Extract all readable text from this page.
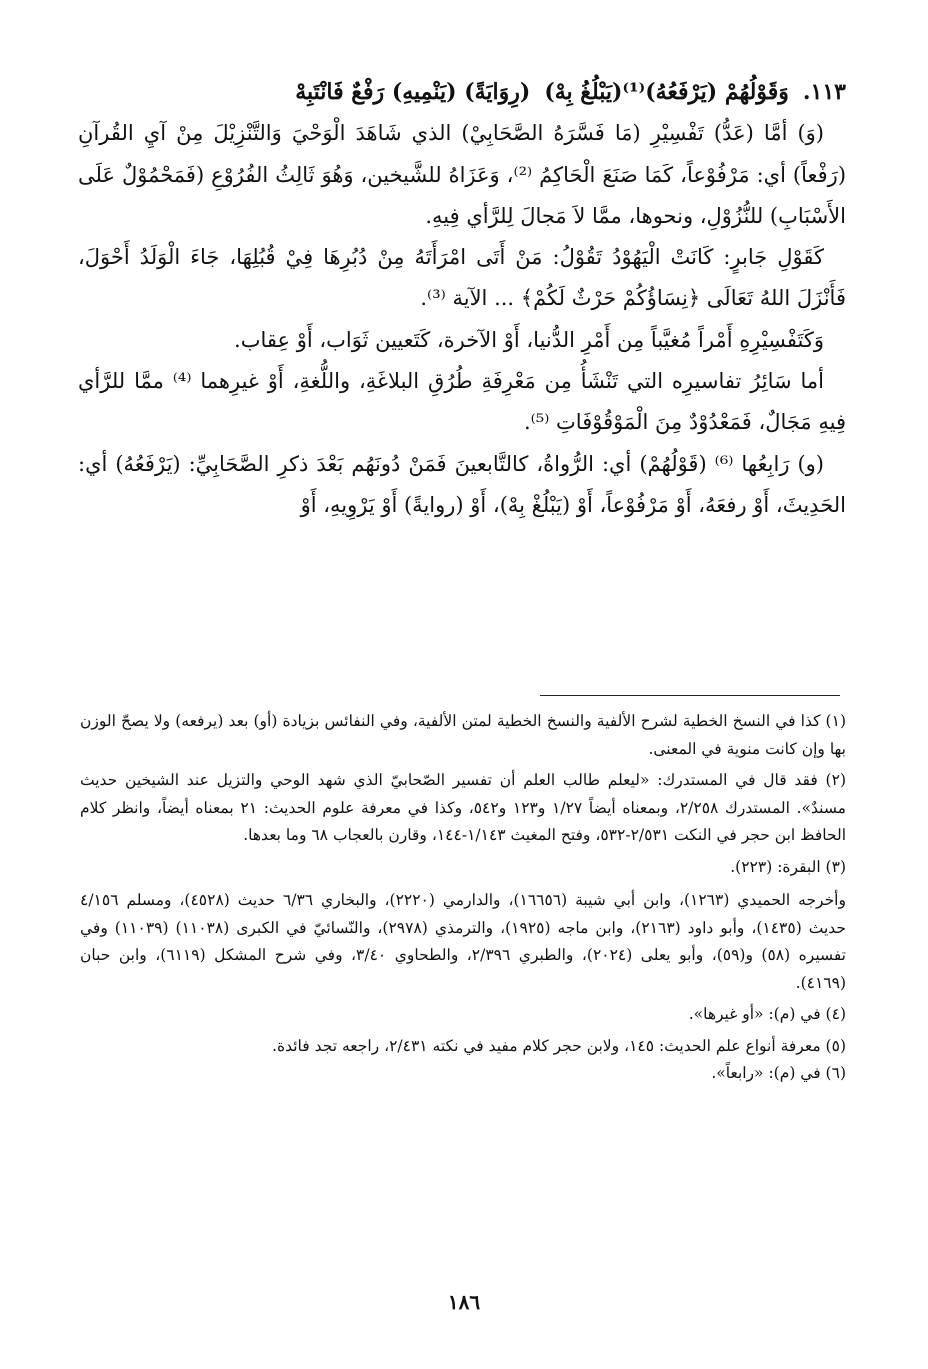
١١٣.وَقَوْلُهُمْ (يَرْفَعُهُ)⁽¹⁾(يَبْلُغُ بِهْ)(رِوَايَةً) (يَنْمِيهِ) رَفْعٌ فَانْتَبِهْ

(وَ) أمَّا (عَدُّ) تَفْسِيْرِ (مَا فَسَّرَهُ الصَّحَابِيْ) الذي شَاهَدَ الْوَحْيَ وَالتَّنْزِيْلَ مِنْ آيِ القُرآنِ (رَفْعاً) أي: مَرْفُوْعاً، كَمَا صَنَعَ الْحَاكِمُ ⁽²⁾، وَعَزَاهُ للشَّيخين، وَهُوَ ثَالِثُ الفُرُوْعِ (فَمَحْمُوْلٌ عَلَى الأَسْبَابِ) للنُّزُوْلِ، ونحوها، ممَّا لاَ مَجالَ لِلرَّأي فِيهِ.

كَقَوْلِ جَابرٍ: كَانَتْ الْيَهُوْدُ تَقُوْلُ: مَنْ أَتَى امْرَأَتَهُ مِنْ دُبُرِهَا فِيْ قُبُلِهَا، جَاءَ الْوَلَدُ أَحْوَلَ، فَأَنْزَلَ اللهُ تَعَالَى ﴿نِسَاؤُكُمْ حَرْثٌ لَكُمْ﴾ ... الآية ⁽³⁾.

وَكَتَفْسِيْرِهِ أَمْراً مُغيَّباً مِن أَمْرِ الدُّنيا، أَوْ الآخرة، كَتَعيين ثَوَاب، أَوْ عِقاب.

أما سَائِرُ تفاسيرِه التي تَنْشَأُ مِن مَعْرِفَةِ طُرُقِ البلاغَةِ، واللُّغةِ، أَوْ غيرِهما ⁽⁴⁾ ممَّا للرَّأي فِيهِ مَجَالٌ، فَمَعْدُوْدٌ مِنَ الْمَوْقُوْفَاتِ ⁽⁵⁾.

(و) رَابِعُها ⁽⁶⁾ (قَوْلُهُمْ) أي: الرُّواةُ، كالتَّابعينَ فَمَنْ دُونَهُم بَعْدَ ذكرِ الصَّحَابِيِّ: (يَرْفَعُهُ) أي: الحَدِيثَ، أَوْ رفعَهُ، أَوْ مَرْفُوْعاً، أَوْ (يَبْلُغْ بِهْ)، أَوْ (روايةً) أَوْ يَرْوِيهِ، أَوْ

(١) كذا في النسخ الخطية لشرح الألفية والنسخ الخطية لمتن الألفية، وفي النفائس بزيادة (أو) بعد (يرفعه) ولا يصحّ الوزن بها وإن كانت منوية في المعنى.

(٢) فقد قال في المستدرك: «ليعلم طالب العلم أن تفسير الصّحابيّ الذي شهد الوحي والتزيل عند الشيخين حديث مسندٌ». المستدرك ٢/٢٥٨، وبمعناه أيضاً ١/٢٧ و١٢٣ و٥٤٢، وكذا في معرفة علوم الحديث: ٢١ بمعناه أيضاً، وانظر كلام الحافظ ابن حجر في النكت ٢/٥٣١-٥٣٢، وفتح المغيث ١/١٤٣-١٤٤، وقارن بالعجاب ٦٨ وما بعدها.

(٣) البقرة: (٢٢٣).

وأخرجه الحميدي (١٢٦٣)، وابن أبي شيبة (١٦٦٥٦)، والدارمي (٢٢٢٠)، والبخاري ٦/٣٦ حديث (٤٥٢٨)، ومسلم ٤/١٥٦ حديث (١٤٣٥)، وأبو داود (٢١٦٣)، وابن ماجه (١٩٢٥)، والترمذي (٢٩٧٨)، والنّسائيّ في الكبرى (١١٠٣٨) (١١٠٣٩) وفي تفسيره (٥٨) و(٥٩)، وأبو يعلى (٢٠٢٤)، والطبري ٢/٣٩٦، والطحاوي ٣/٤٠، وفي شرح المشكل (٦١١٩)، وابن حبان (٤١٦٩).

(٤) في (م): «أو غيرها».

(٥) معرفة أنواع علم الحديث: ١٤٥، ولابن حجر كلام مفيد في نكته ٢/٤٣١، راجعه تجد فائدة.

(٦) في (م): «رابعاً».

١٨٦
